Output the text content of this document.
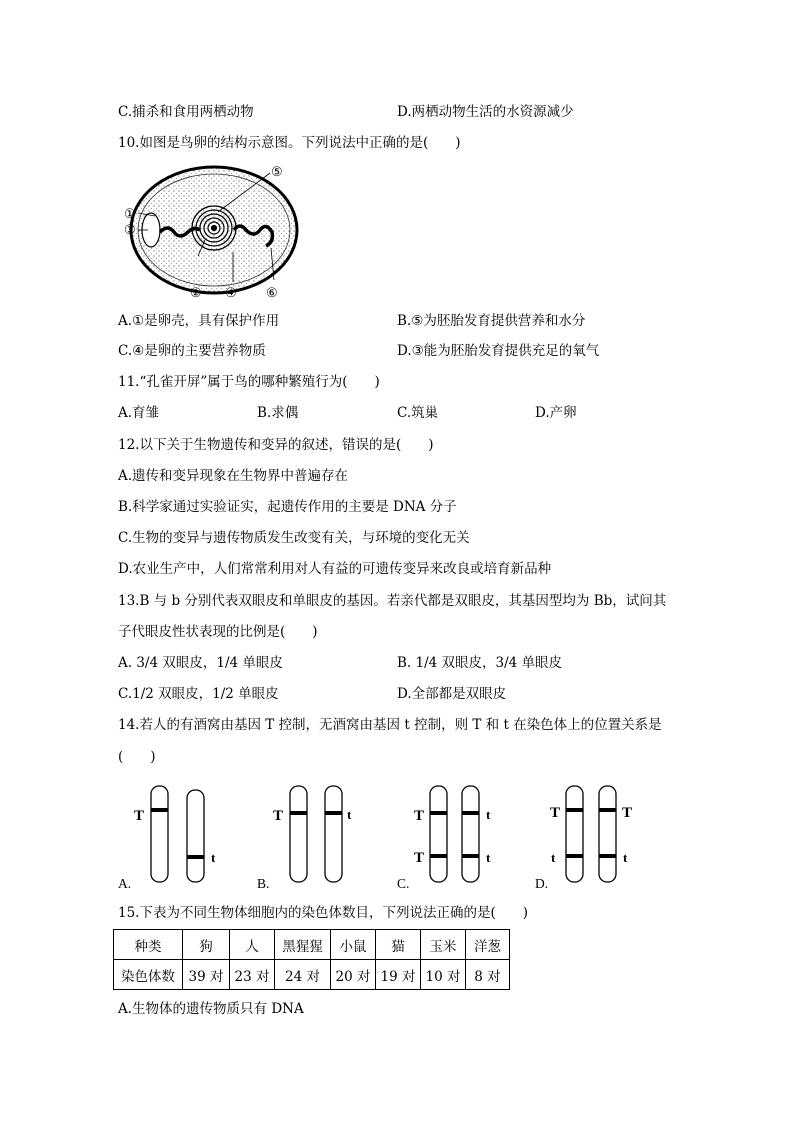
C.捕杀和食用两栖动物	D.两栖动物生活的水资源减少
10.如图是鸟卵的结构示意图。下列说法中正确的是(　　)
①
③
② ④ ⑥
⑤
A.①是卵壳，具有保护作用	B.⑤为胚胎发育提供营养和水分
C.④是卵的主要营养物质	D.③能为胚胎发育提供充足的氧气
11.“孔雀开屏”属于鸟的哪种繁殖行为(　　)
A.育雏	B.求偶	C.筑巢	D.产卵
12.以下关于生物遗传和变异的叙述，错误的是(　　)
A.遗传和变异现象在生物界中普遍存在
B.科学家通过实验证实，起遗传作用的主要是 DNA 分子
C.生物的变异与遗传物质发生改变有关，与环境的变化无关
D.农业生产中，人们常常利用对人有益的可遗传变异来改良或培育新品种
13.B 与 b 分别代表双眼皮和单眼皮的基因。若亲代都是双眼皮，其基因型均为 Bb，试问其
子代眼皮性状表现的比例是(　　)
A. 3/4 双眼皮，1/4 单眼皮	B. 1/4 双眼皮，3/4 单眼皮
C.1/2 双眼皮，1/2 单眼皮	D.全部都是双眼皮
14.若人的有酒窝由基因 T 控制，无酒窝由基因 t 控制，则 T 和 t 在染色体上的位置关系是
(　　)
T	T	T
T
T	T
t
t	t
t	t	t
A.	B.	C.	D.
15.下表为不同生物体细胞内的染色体数目，下列说法正确的是(　　)
种类	狗	人	黑猩猩	小鼠	猫	玉米	洋葱
染色体数	39 对	23 对	24 对	20 对	19 对	10 对	8 对
A.生物体的遗传物质只有 DNA
